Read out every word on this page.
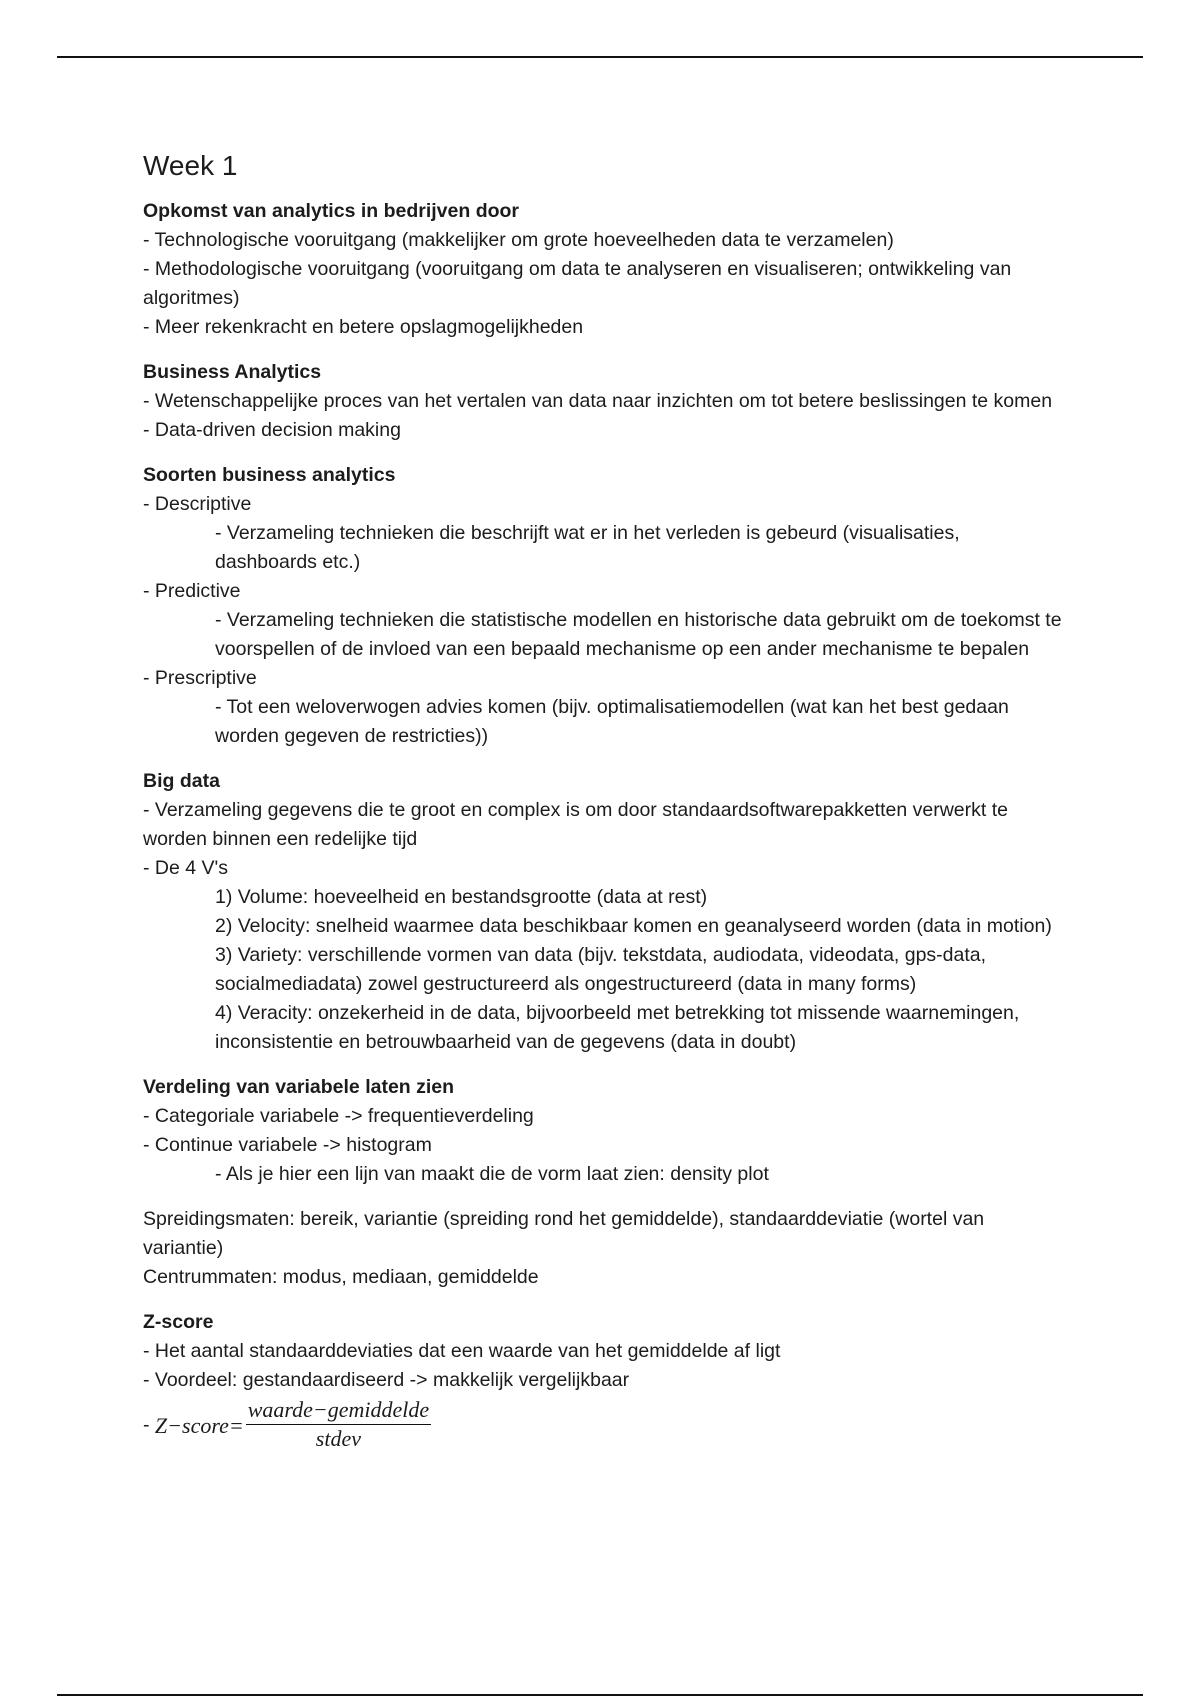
Week 1

Opkomst van analytics in bedrijven door

- Technologische vooruitgang (makkelijker om grote hoeveelheden data te verzamelen)

- Methodologische vooruitgang (vooruitgang om data te analyseren en visualiseren; ontwikkeling van algoritmes)

- Meer rekenkracht en betere opslagmogelijkheden

Business Analytics

- Wetenschappelijke proces van het vertalen van data naar inzichten om tot betere beslissingen te komen

- Data-driven decision making

Soorten business analytics

- Descriptive

- Verzameling technieken die beschrijft wat er in het verleden is gebeurd (visualisaties, dashboards etc.)

- Predictive

- Verzameling technieken die statistische modellen en historische data gebruikt om de toekomst te voorspellen of de invloed van een bepaald mechanisme op een ander mechanisme te bepalen

- Prescriptive

- Tot een weloverwogen advies komen (bijv. optimalisatiemodellen (wat kan het best gedaan worden gegeven de restricties))

Big data

- Verzameling gegevens die te groot en complex is om door standaardsoftwarepakketten verwerkt te worden binnen een redelijke tijd

- De 4 V's

1) Volume: hoeveelheid en bestandsgrootte (data at rest)

2) Velocity: snelheid waarmee data beschikbaar komen en geanalyseerd worden (data in motion)

3) Variety: verschillende vormen van data (bijv. tekstdata, audiodata, videodata, gps-data, socialmediadata) zowel gestructureerd als ongestructureerd (data in many forms)

4) Veracity: onzekerheid in de data, bijvoorbeeld met betrekking tot missende waarnemingen, inconsistentie en betrouwbaarheid van de gegevens (data in doubt)

Verdeling van variabele laten zien

- Categoriale variabele -> frequentieverdeling

- Continue variabele -> histogram

- Als je hier een lijn van maakt die de vorm laat zien: density plot

Spreidingsmaten: bereik, variantie (spreiding rond het gemiddelde), standaarddeviatie (wortel van variantie)

Centrummaten: modus, mediaan, gemiddelde

Z-score

- Het aantal standaarddeviaties dat een waarde van het gemiddelde af ligt

- Voordeel: gestandaardiseerd -> makkelijk vergelijkbaar

- Z−score= $\frac{\text{waarde−gemiddelde}}{\text{stdev}}$
